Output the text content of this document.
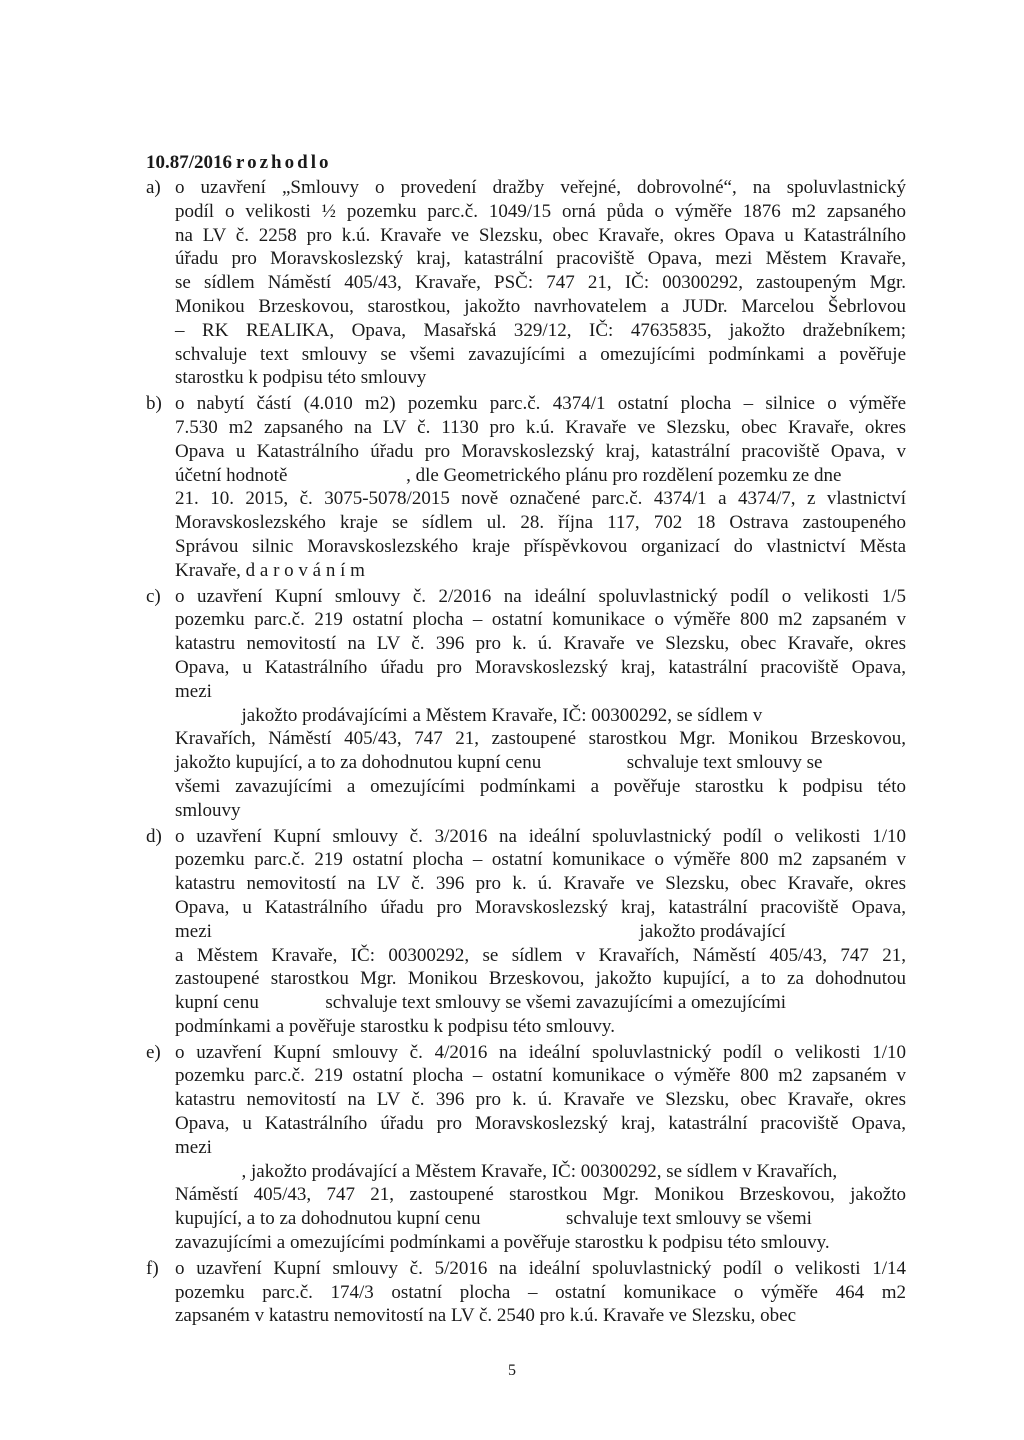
10.87/2016 rozhodlo
a) o uzavření „Smlouvy o provedení dražby veřejné, dobrovolné“, na spoluvlastnický
podíl o velikosti ½ pozemku parc.č. 1049/15 orná půda o výměře 1876 m2 zapsaného
na LV č. 2258 pro k.ú. Kravaře ve Slezsku, obec Kravaře, okres Opava u Katastrálního
úřadu pro Moravskoslezský kraj, katastrální pracoviště Opava, mezi Městem Kravaře,
se sídlem Náměstí 405/43, Kravaře, PSČ: 747 21, IČ: 00300292, zastoupeným Mgr.
Monikou Brzeskovou, starostkou, jakožto navrhovatelem a JUDr. Marcelou Šebrlovou
– RK REALIKA, Opava, Masařská 329/12, IČ: 47635835, jakožto dražebníkem;
schvaluje text smlouvy se všemi zavazujícími a omezujícími podmínkami a pověřuje
starostku k podpisu této smlouvy
b) o nabytí částí (4.010 m2) pozemku parc.č. 4374/1 ostatní plocha – silnice o výměře
7.530 m2 zapsaného na LV č. 1130 pro k.ú. Kravaře ve Slezsku, obec Kravaře, okres
Opava u Katastrálního úřadu pro Moravskoslezský kraj, katastrální pracoviště Opava, v
účetní hodnotě                         , dle Geometrického plánu pro rozdělení pozemku ze dne
21. 10. 2015, č. 3075-5078/2015 nově označené parc.č. 4374/1 a 4374/7, z vlastnictví
Moravskoslezského kraje se sídlem ul. 28. října 117, 702 18 Ostrava zastoupeného
Správou silnic Moravskoslezského kraje příspěvkovou organizací do vlastnictví Města
Kravaře, d a r o v á n í m
c) o uzavření Kupní smlouvy č. 2/2016 na ideální spoluvlastnický podíl o velikosti 1/5
pozemku parc.č. 219 ostatní plocha – ostatní komunikace o výměře 800 m2 zapsaném v
katastru nemovitostí na LV č. 396 pro k. ú. Kravaře ve Slezsku, obec Kravaře, okres
Opava, u Katastrálního úřadu pro Moravskoslezský kraj, katastrální pracoviště Opava,
mezi
jakožto prodávajícími a Městem Kravaře, IČ: 00300292, se sídlem v
Kravařích, Náměstí 405/43, 747 21, zastoupené starostkou Mgr. Monikou Brzeskovou,
jakožto kupující, a to za dohodnutou kupní cenu                  schvaluje text smlouvy se
všemi zavazujícími a omezujícími podmínkami a pověřuje starostku k podpisu této
smlouvy
d) o uzavření Kupní smlouvy č. 3/2016 na ideální spoluvlastnický podíl o velikosti 1/10
pozemku parc.č. 219 ostatní plocha – ostatní komunikace o výměře 800 m2 zapsaném v
katastru nemovitostí na LV č. 396 pro k. ú. Kravaře ve Slezsku, obec Kravaře, okres
Opava, u Katastrálního úřadu pro Moravskoslezský kraj, katastrální pracoviště Opava,
mezi                                                                                          jakožto prodávající
a Městem Kravaře, IČ: 00300292, se sídlem v Kravařích, Náměstí 405/43, 747 21,
zastoupené starostkou Mgr. Monikou Brzeskovou, jakožto kupující, a to za dohodnutou
kupní cenu              schvaluje text smlouvy se všemi zavazujícími a omezujícími
podmínkami a pověřuje starostku k podpisu této smlouvy.
e) o uzavření Kupní smlouvy č. 4/2016 na ideální spoluvlastnický podíl o velikosti 1/10
pozemku parc.č. 219 ostatní plocha – ostatní komunikace o výměře 800 m2 zapsaném v
katastru nemovitostí na LV č. 396 pro k. ú. Kravaře ve Slezsku, obec Kravaře, okres
Opava, u Katastrálního úřadu pro Moravskoslezský kraj, katastrální pracoviště Opava,
mezi
, jakožto prodávající a Městem Kravaře, IČ: 00300292, se sídlem v Kravařích,
Náměstí 405/43, 747 21, zastoupené starostkou Mgr. Monikou Brzeskovou, jakožto
kupující, a to za dohodnutou kupní cenu                  schvaluje text smlouvy se všemi
zavazujícími a omezujícími podmínkami a pověřuje starostku k podpisu této smlouvy.
f) o uzavření Kupní smlouvy č. 5/2016 na ideální spoluvlastnický podíl o velikosti 1/14
pozemku parc.č. 174/3 ostatní plocha – ostatní komunikace o výměře 464 m2
zapsaném v katastru nemovitostí na LV č. 2540 pro k.ú. Kravaře ve Slezsku, obec
5
